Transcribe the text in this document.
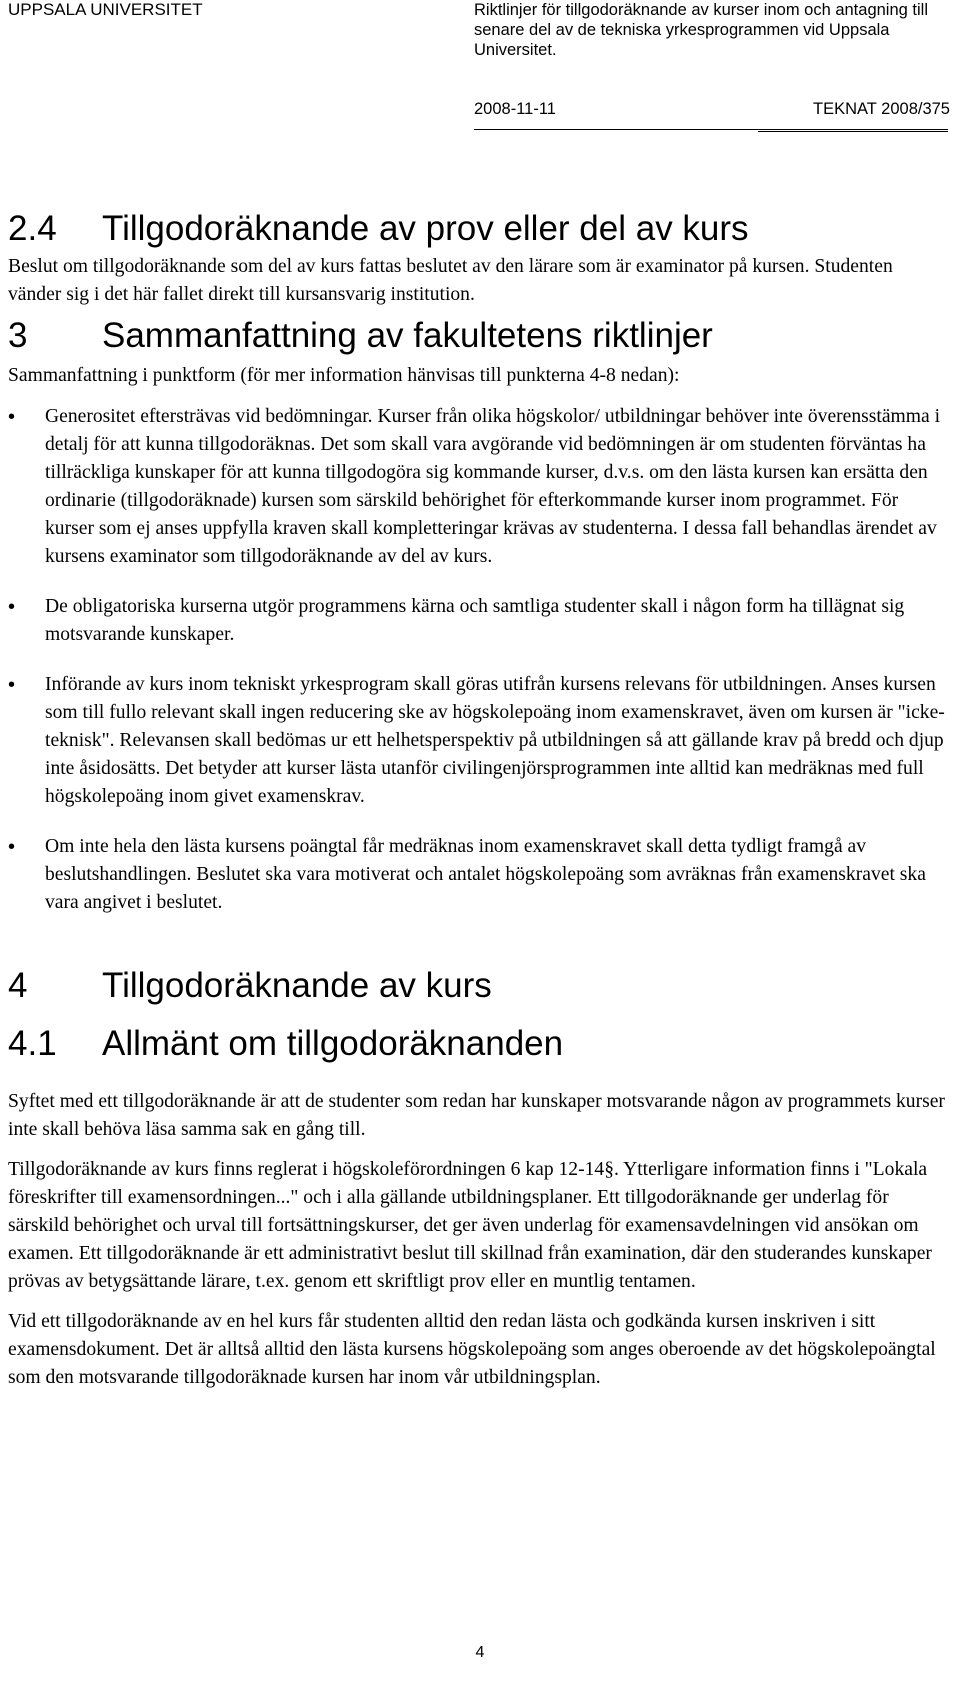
UPPSALA UNIVERSITET	Riktlinjer för tillgodoräknande av kurser inom och antagning till senare del av de tekniska yrkesprogrammen vid Uppsala Universitet.
2008-11-11	TEKNAT 2008/375
2.4	Tillgodoräknande av prov eller del av kurs

Beslut om tillgodoräknande som del av kurs fattas beslutet av den lärare som är examinator på kursen. Studenten vänder sig i det här fallet direkt till kursansvarig institution.

3	Sammanfattning av fakultetens riktlinjer

Sammanfattning i punktform (för mer information hänvisas till punkterna 4-8 nedan):

•
Generositet eftersträvas vid bedömningar. Kurser från olika högskolor/ utbildningar behöver inte överensstämma i detalj för att kunna tillgodoräknas. Det som skall vara avgörande vid bedömningen är om studenten förväntas ha tillräckliga kunskaper för att kunna tillgodogöra sig kommande kurser, d.v.s. om den lästa kursen kan ersätta den ordinarie (tillgodoräknade) kursen som särskild behörighet för efterkommande kurser inom programmet. För kurser som ej anses uppfylla kraven skall kompletteringar krävas av studenterna. I dessa fall behandlas ärendet av kursens examinator som tillgodoräknande av del av kurs.
•
De obligatoriska kurserna utgör programmens kärna och samtliga studenter skall i någon form ha tillägnat sig motsvarande kunskaper.
•
Införande av kurs inom tekniskt yrkesprogram skall göras utifrån kursens relevans för utbildningen. Anses kursen som till fullo relevant skall ingen reducering ske av högskolepoäng inom examenskravet, även om kursen är "icke-teknisk". Relevansen skall bedömas ur ett helhetsperspektiv på utbildningen så att gällande krav på bredd och djup inte åsidosätts. Det betyder att kurser lästa utanför civilingenjörsprogrammen inte alltid kan medräknas med full högskolepoäng inom givet examenskrav.
•
Om inte hela den lästa kursens poängtal får medräknas inom examenskravet skall detta tydligt framgå av beslutshandlingen. Beslutet ska vara motiverat och antalet högskolepoäng som avräknas från examenskravet ska vara angivet i beslutet.
4	Tillgodoräknande av kurs
4.1	Allmänt om tillgodoräknanden

Syftet med ett tillgodoräknande är att de studenter som redan har kunskaper motsvarande någon av programmets kurser inte skall behöva läsa samma sak en gång till.

Tillgodoräknande av kurs finns reglerat i högskoleförordningen 6 kap 12-14§. Ytterligare information finns i "Lokala föreskrifter till examensordningen..." och i alla gällande utbildningsplaner. Ett tillgodoräknande ger underlag för särskild behörighet och urval till fortsättningskurser, det ger även underlag för examensavdelningen vid ansökan om examen. Ett tillgodoräknande är ett administrativt beslut till skillnad från examination, där den studerandes kunskaper prövas av betygsättande lärare, t.ex. genom ett skriftligt prov eller en muntlig tentamen.

Vid ett tillgodoräknande av en hel kurs får studenten alltid den redan lästa och godkända kursen inskriven i sitt examensdokument. Det är alltså alltid den lästa kursens högskolepoäng som anges oberoende av det högskolepoängtal som den motsvarande tillgodoräknade kursen har inom vår utbildningsplan.

4
